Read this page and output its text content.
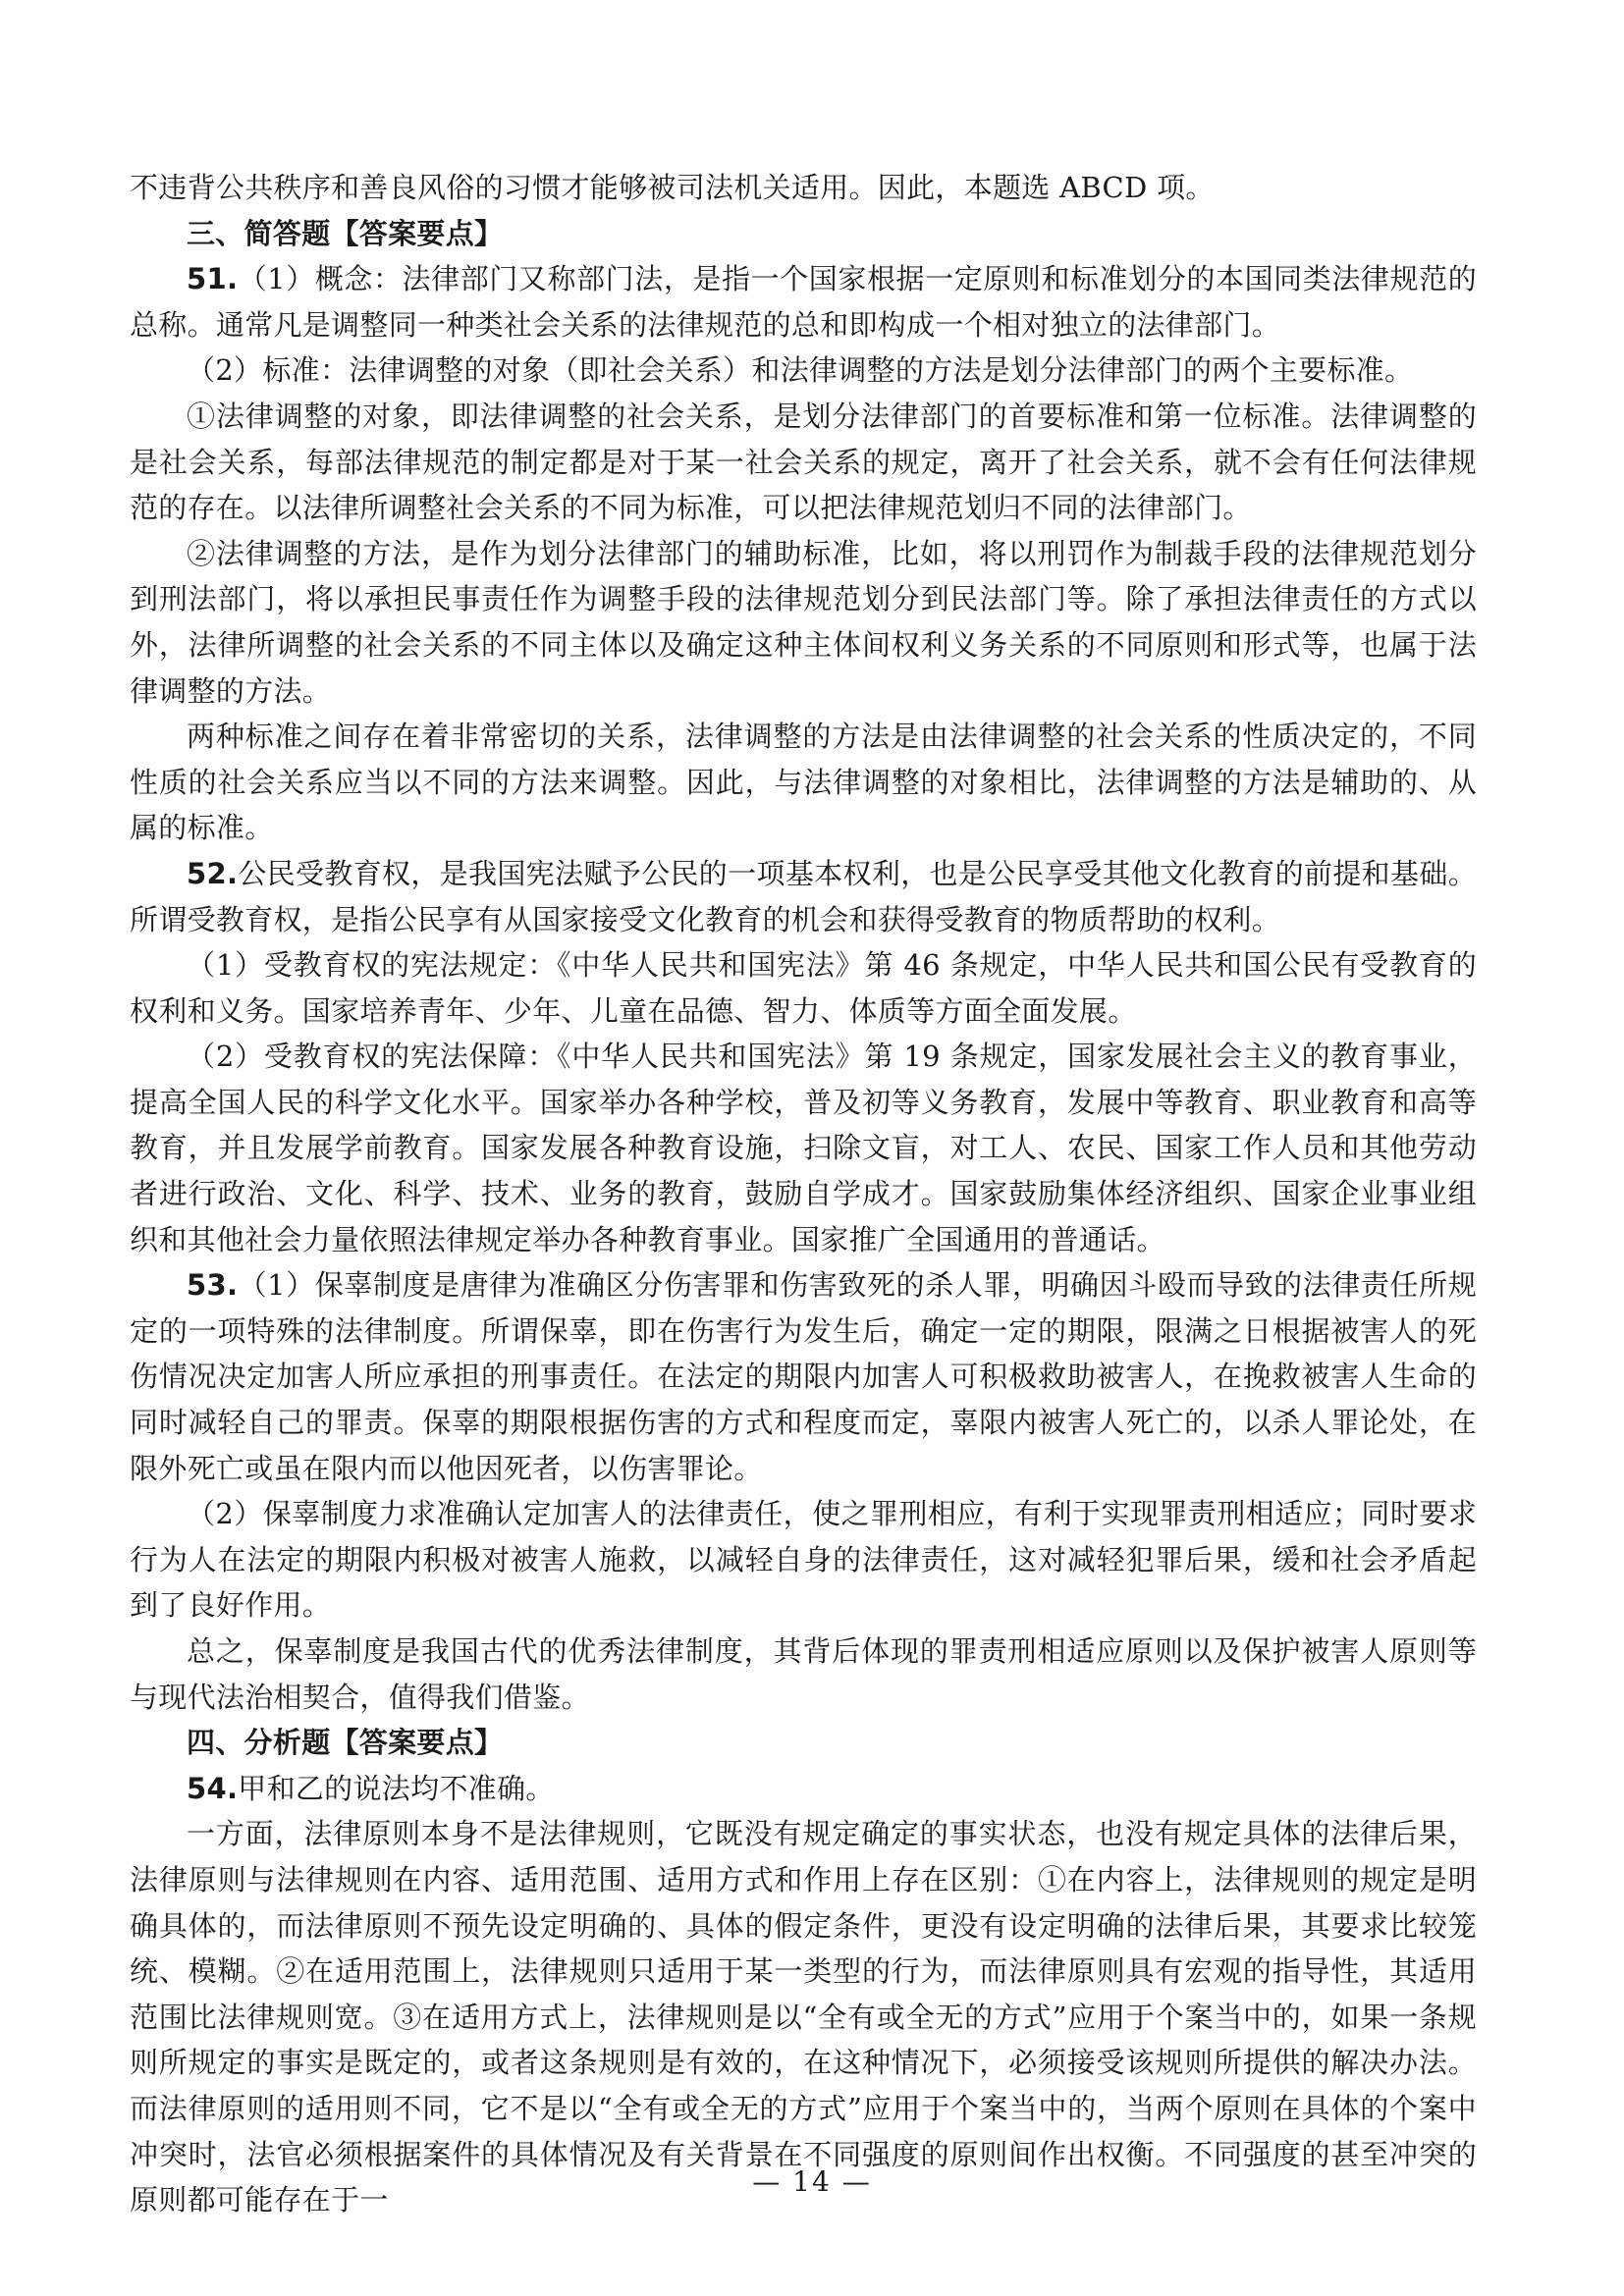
不违背公共秩序和善良风俗的习惯才能够被司法机关适用。因此，本题选 ABCD 项。

三、简答题【答案要点】

51.（1）概念：法律部门又称部门法，是指一个国家根据一定原则和标准划分的本国同类法律规范的总称。通常凡是调整同一种类社会关系的法律规范的总和即构成一个相对独立的法律部门。

（2）标准：法律调整的对象（即社会关系）和法律调整的方法是划分法律部门的两个主要标准。

①法律调整的对象，即法律调整的社会关系，是划分法律部门的首要标准和第一位标准。法律调整的是社会关系，每部法律规范的制定都是对于某一社会关系的规定，离开了社会关系，就不会有任何法律规范的存在。以法律所调整社会关系的不同为标准，可以把法律规范划归不同的法律部门。

②法律调整的方法，是作为划分法律部门的辅助标准，比如，将以刑罚作为制裁手段的法律规范划分到刑法部门，将以承担民事责任作为调整手段的法律规范划分到民法部门等。除了承担法律责任的方式以外，法律所调整的社会关系的不同主体以及确定这种主体间权利义务关系的不同原则和形式等，也属于法律调整的方法。

两种标准之间存在着非常密切的关系，法律调整的方法是由法律调整的社会关系的性质决定的，不同性质的社会关系应当以不同的方法来调整。因此，与法律调整的对象相比，法律调整的方法是辅助的、从属的标准。

52.公民受教育权，是我国宪法赋予公民的一项基本权利，也是公民享受其他文化教育的前提和基础。所谓受教育权，是指公民享有从国家接受文化教育的机会和获得受教育的物质帮助的权利。

（1）受教育权的宪法规定：《中华人民共和国宪法》第 46 条规定，中华人民共和国公民有受教育的权利和义务。国家培养青年、少年、儿童在品德、智力、体质等方面全面发展。

（2）受教育权的宪法保障：《中华人民共和国宪法》第 19 条规定，国家发展社会主义的教育事业，提高全国人民的科学文化水平。国家举办各种学校，普及初等义务教育，发展中等教育、职业教育和高等教育，并且发展学前教育。国家发展各种教育设施，扫除文盲，对工人、农民、国家工作人员和其他劳动者进行政治、文化、科学、技术、业务的教育，鼓励自学成才。国家鼓励集体经济组织、国家企业事业组织和其他社会力量依照法律规定举办各种教育事业。国家推广全国通用的普通话。

53.（1）保辜制度是唐律为准确区分伤害罪和伤害致死的杀人罪，明确因斗殴而导致的法律责任所规定的一项特殊的法律制度。所谓保辜，即在伤害行为发生后，确定一定的期限，限满之日根据被害人的死伤情况决定加害人所应承担的刑事责任。在法定的期限内加害人可积极救助被害人，在挽救被害人生命的同时减轻自己的罪责。保辜的期限根据伤害的方式和程度而定，辜限内被害人死亡的，以杀人罪论处，在限外死亡或虽在限内而以他因死者，以伤害罪论。

（2）保辜制度力求准确认定加害人的法律责任，使之罪刑相应，有利于实现罪责刑相适应；同时要求行为人在法定的期限内积极对被害人施救，以减轻自身的法律责任，这对减轻犯罪后果，缓和社会矛盾起到了良好作用。

总之，保辜制度是我国古代的优秀法律制度，其背后体现的罪责刑相适应原则以及保护被害人原则等与现代法治相契合，值得我们借鉴。

四、分析题【答案要点】

54.甲和乙的说法均不准确。

一方面，法律原则本身不是法律规则，它既没有规定确定的事实状态，也没有规定具体的法律后果，法律原则与法律规则在内容、适用范围、适用方式和作用上存在区别：①在内容上，法律规则的规定是明确具体的，而法律原则不预先设定明确的、具体的假定条件，更没有设定明确的法律后果，其要求比较笼统、模糊。②在适用范围上，法律规则只适用于某一类型的行为，而法律原则具有宏观的指导性，其适用范围比法律规则宽。③在适用方式上，法律规则是以“全有或全无的方式”应用于个案当中的，如果一条规则所规定的事实是既定的，或者这条规则是有效的，在这种情况下，必须接受该规则所提供的解决办法。而法律原则的适用则不同，它不是以“全有或全无的方式”应用于个案当中的，当两个原则在具体的个案中冲突时，法官必须根据案件的具体情况及有关背景在不同强度的原则间作出权衡。不同强度的甚至冲突的原则都可能存在于一

— 14 —
